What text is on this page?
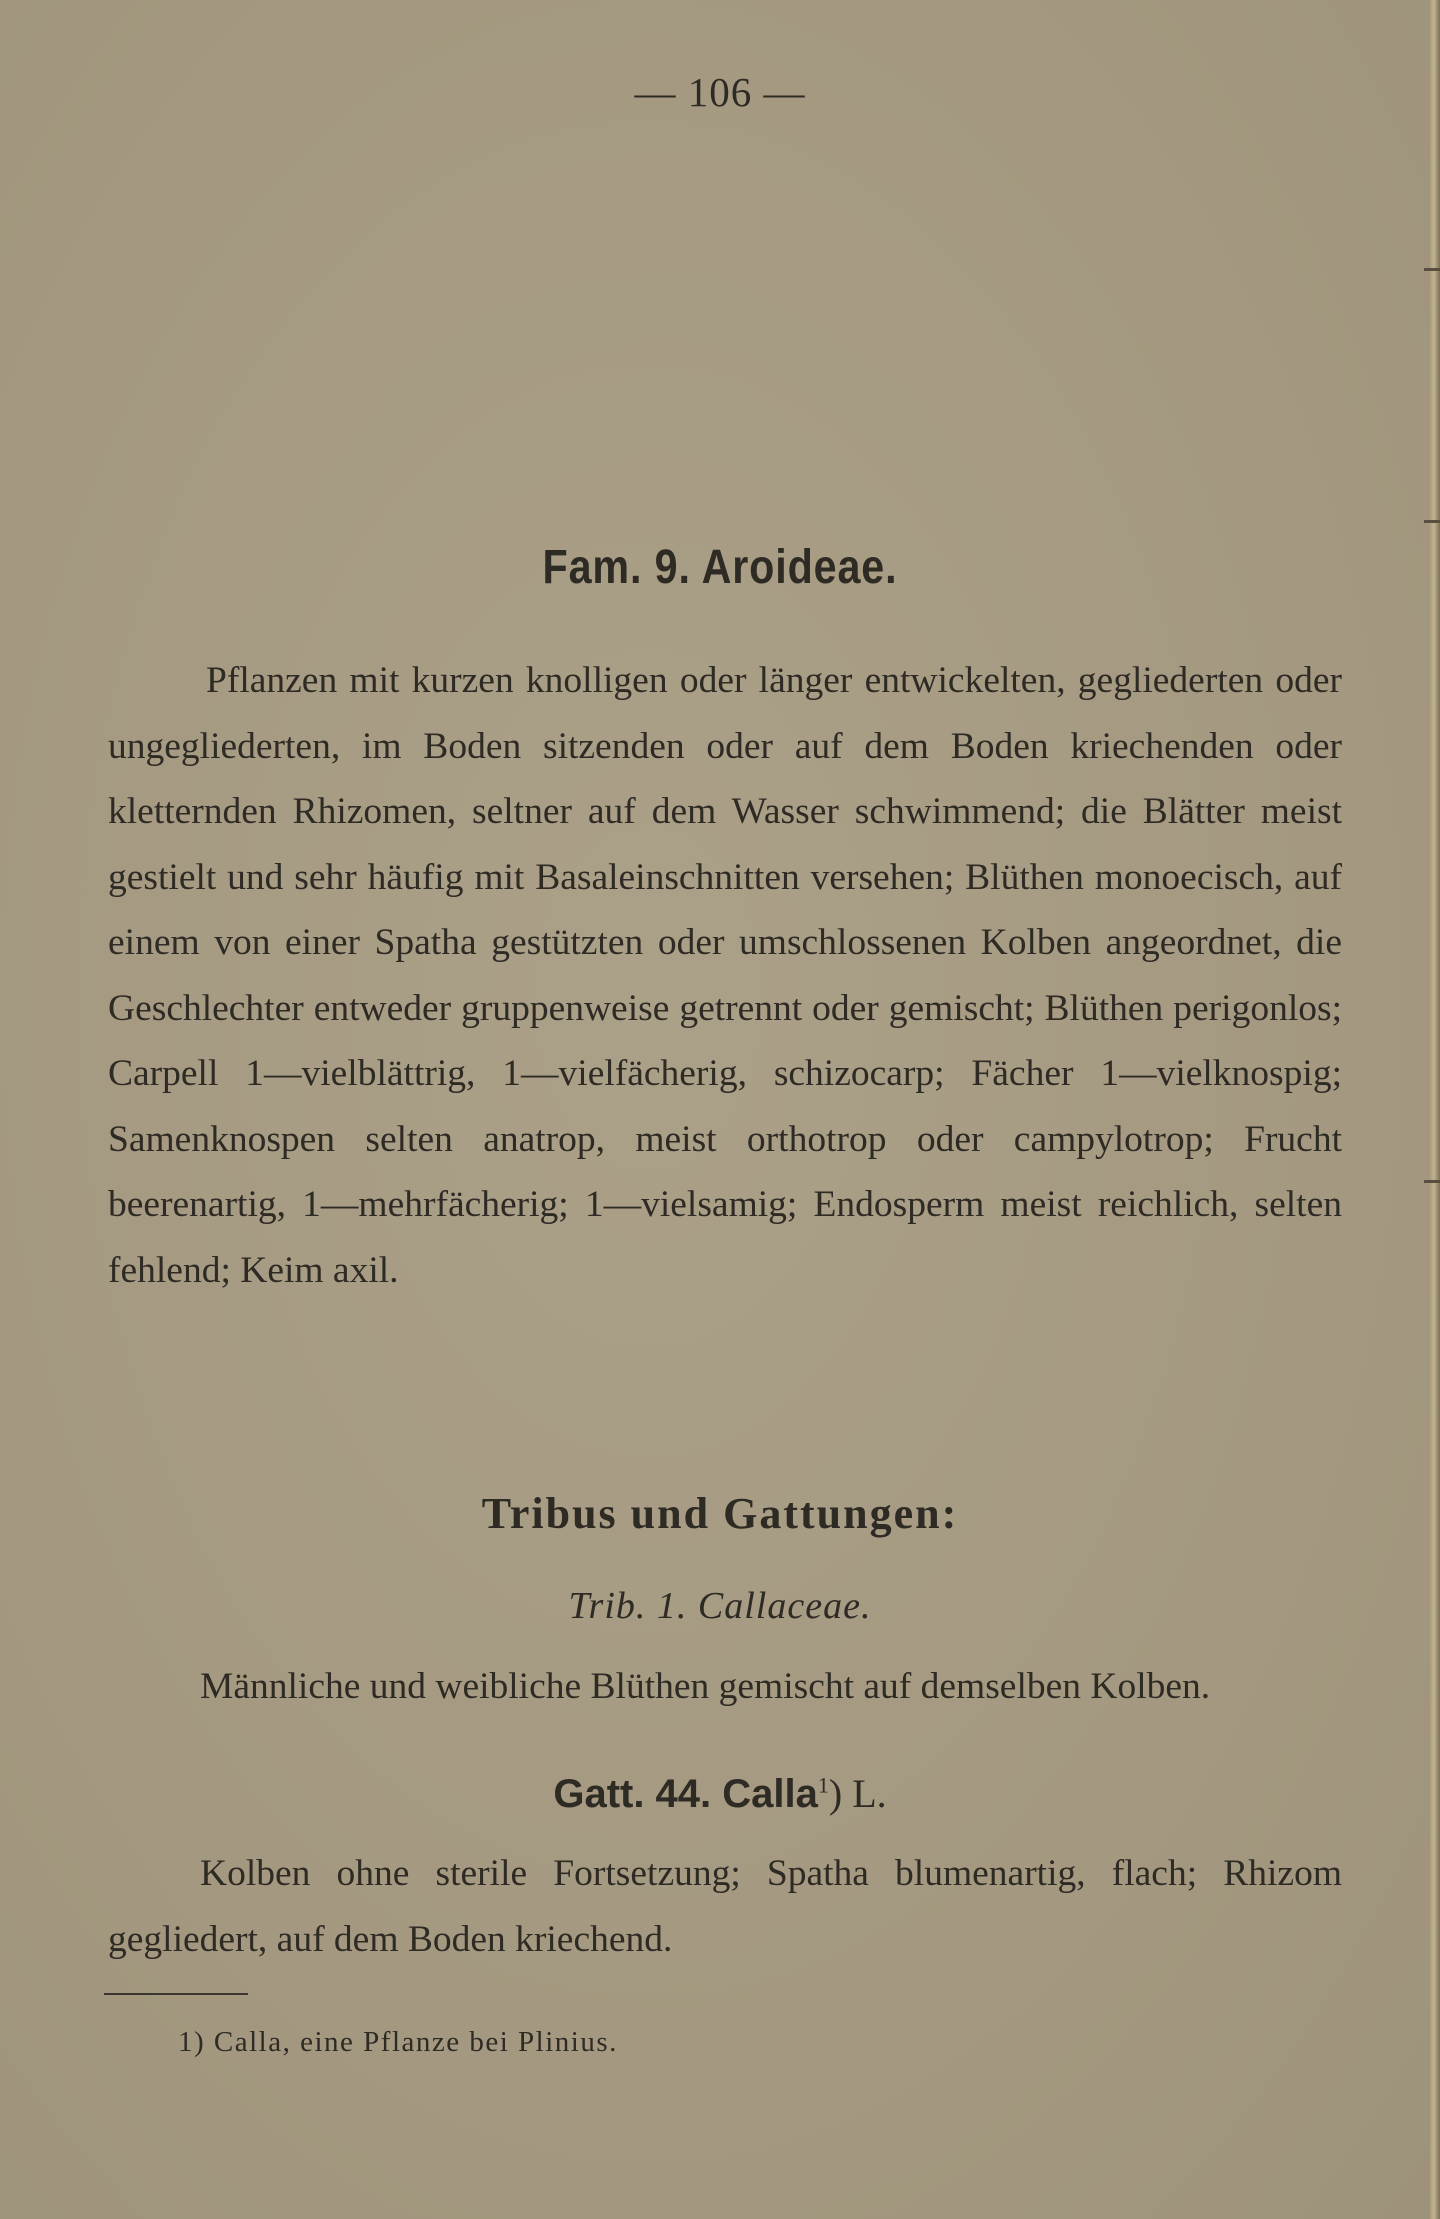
— 106 —
Fam. 9. Aroideae.

Pflanzen mit kurzen knolligen oder länger entwickelten, gegliederten oder ungegliederten, im Boden sitzenden oder auf dem Boden kriechenden oder kletternden Rhizomen, seltner auf dem Wasser schwimmend; die Blätter meist gestielt und sehr häufig mit Basaleinschnitten versehen; Blüthen monoecisch, auf einem von einer Spatha gestützten oder umschlossenen Kolben angeordnet, die Geschlechter entweder gruppenweise getrennt oder gemischt; Blüthen perigonlos; Carpell 1—vielblättrig, 1—vielfächerig, schizocarp; Fächer 1—vielknospig; Samenknospen selten anatrop, meist orthotrop oder campylotrop; Frucht beerenartig, 1—mehrfächerig; 1—vielsamig; Endosperm meist reichlich, selten fehlend; Keim axil.

Tribus und Gattungen:
Trib. 1. Callaceae.

Männliche und weibliche Blüthen gemischt auf demselben Kolben.

Gatt. 44. Calla$^1$) L.

Kolben ohne sterile Fortsetzung; Spatha blumenartig, flach; Rhizom gegliedert, auf dem Boden kriechend.

1) Calla, eine Pflanze bei Plinius.
